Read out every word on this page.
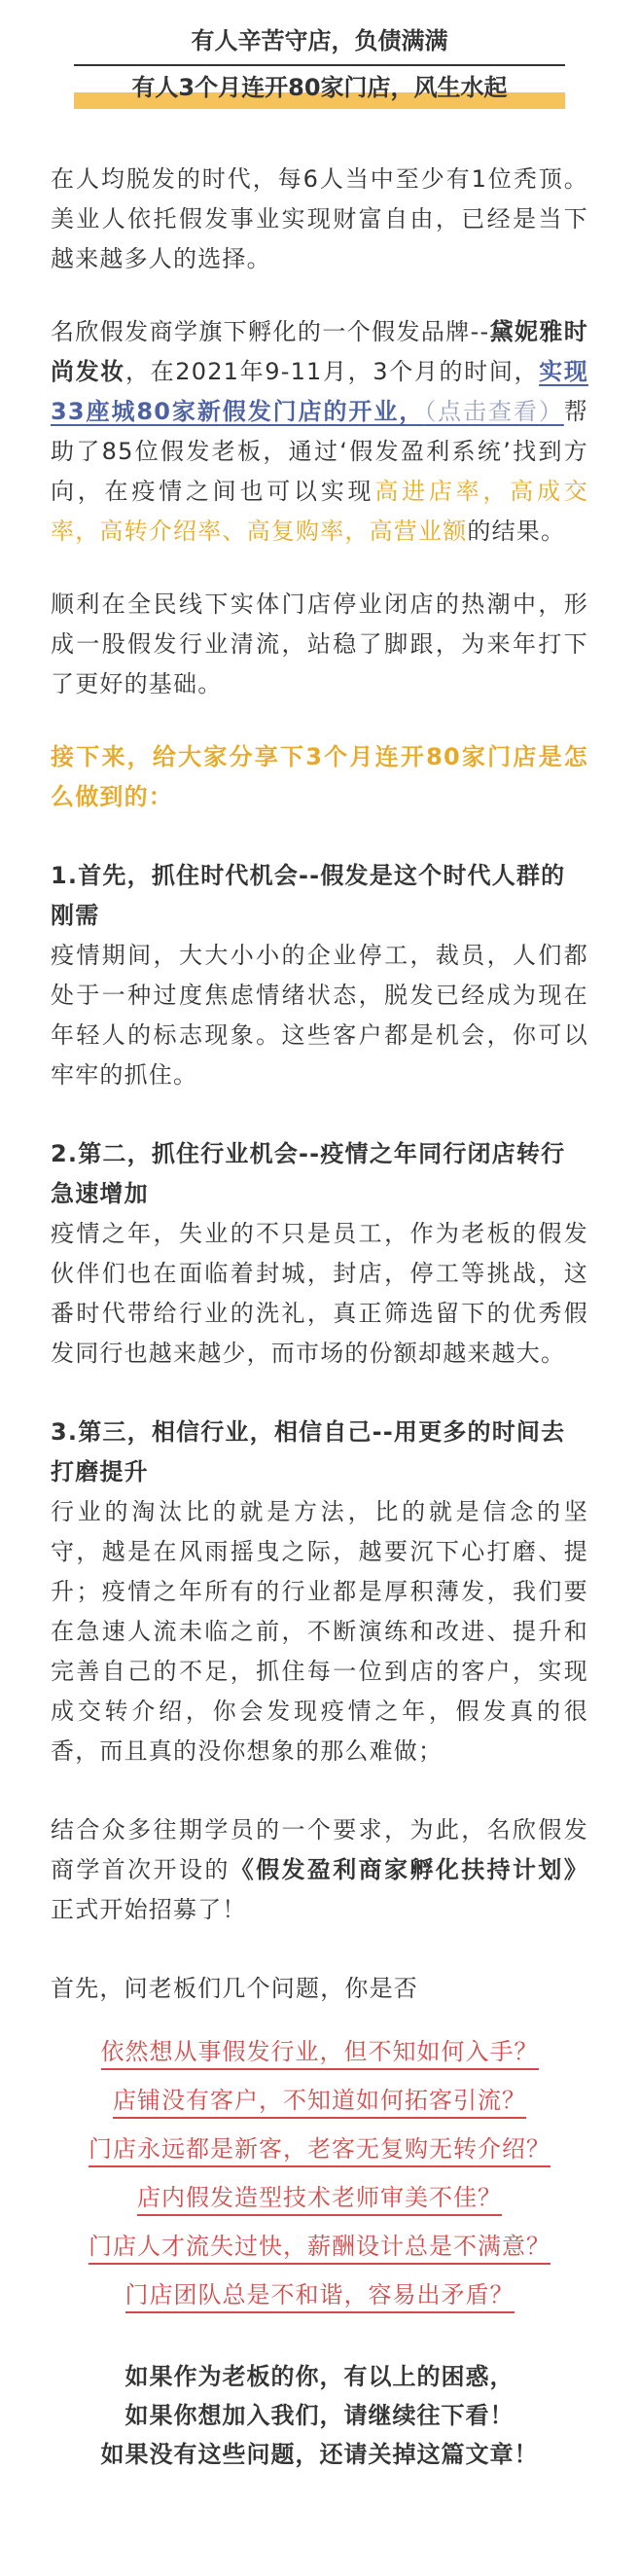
有人辛苦守店，负债满满
有人3个月连开80家门店，风生水起

在人均脱发的时代，每6人当中至少有1位秃顶。美业人依托假发事业实现财富自由，已经是当下越来越多人的选择。

名欣假发商学旗下孵化的一个假发品牌--黛妮雅时尚发妆，在2021年9-11月，3个月的时间，实现33座城80家新假发门店的开业，（点击查看）帮助了85位假发老板，通过‘假发盈利系统’找到方向，在疫情之间也可以实现高进店率，高成交率，高转介绍率、高复购率，高营业额的结果。

顺利在全民线下实体门店停业闭店的热潮中，形成一股假发行业清流，站稳了脚跟，为来年打下了更好的基础。

接下来，给大家分享下3个月连开80家门店是怎么做到的：

1.首先，抓住时代机会--假发是这个时代人群的刚需

疫情期间，大大小小的企业停工，裁员，人们都处于一种过度焦虑情绪状态，脱发已经成为现在年轻人的标志现象。这些客户都是机会，你可以牢牢的抓住。

2.第二，抓住行业机会--疫情之年同行闭店转行急速增加

疫情之年，失业的不只是员工，作为老板的假发伙伴们也在面临着封城，封店，停工等挑战，这番时代带给行业的洗礼，真正筛选留下的优秀假发同行也越来越少，而市场的份额却越来越大。

3.第三，相信行业，相信自己--用更多的时间去打磨提升

行业的淘汰比的就是方法，比的就是信念的坚守，越是在风雨摇曳之际，越要沉下心打磨、提升；疫情之年所有的行业都是厚积薄发，我们要在急速人流未临之前，不断演练和改进、提升和完善自己的不足，抓住每一位到店的客户，实现成交转介绍，你会发现疫情之年，假发真的很香，而且真的没你想象的那么难做；

结合众多往期学员的一个要求，为此，名欣假发商学首次开设的《假发盈利商家孵化扶持计划》正式开始招募了！

首先，问老板们几个问题，你是否

依然想从事假发行业，但不知如何入手？
店铺没有客户，不知道如何拓客引流？
门店永远都是新客，老客无复购无转介绍？
店内假发造型技术老师审美不佳？
门店人才流失过快，薪酬设计总是不满意？
门店团队总是不和谐，容易出矛盾？
如果作为老板的你，有以上的困惑，
如果你想加入我们，请继续往下看！
如果没有这些问题，还请关掉这篇文章！
